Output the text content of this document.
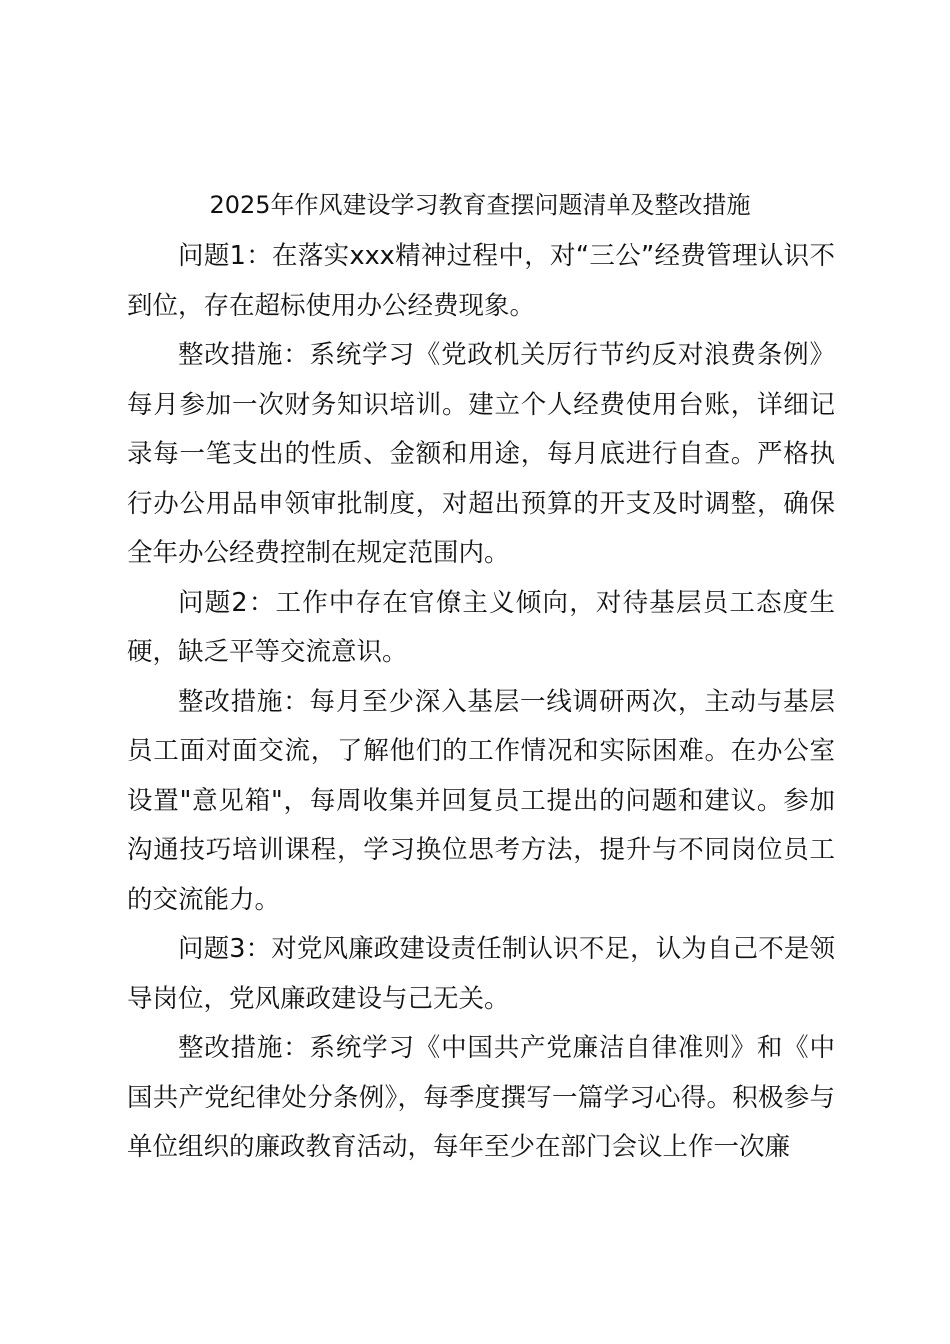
2025年作风建设学习教育查摆问题清单及整改措施

问题1：在落实xxx精神过程中，对“三公”经费管理认识不到位，存在超标使用办公经费现象。

整改措施：系统学习《党政机关厉行节约反对浪费条例》每月参加一次财务知识培训。建立个人经费使用台账，详细记录每一笔支出的性质、金额和用途，每月底进行自查。严格执行办公用品申领审批制度，对超出预算的开支及时调整，确保全年办公经费控制在规定范围内。

问题2：工作中存在官僚主义倾向，对待基层员工态度生硬，缺乏平等交流意识。

整改措施：每月至少深入基层一线调研两次，主动与基层员工面对面交流，了解他们的工作情况和实际困难。在办公室设置"意见箱"，每周收集并回复员工提出的问题和建议。参加沟通技巧培训课程，学习换位思考方法，提升与不同岗位员工的交流能力。

问题3：对党风廉政建设责任制认识不足，认为自己不是领导岗位，党风廉政建设与己无关。

整改措施：系统学习《中国共产党廉洁自律准则》和《中国共产党纪律处分条例》，每季度撰写一篇学习心得。积极参与单位组织的廉政教育活动，每年至少在部门会议上作一次廉
